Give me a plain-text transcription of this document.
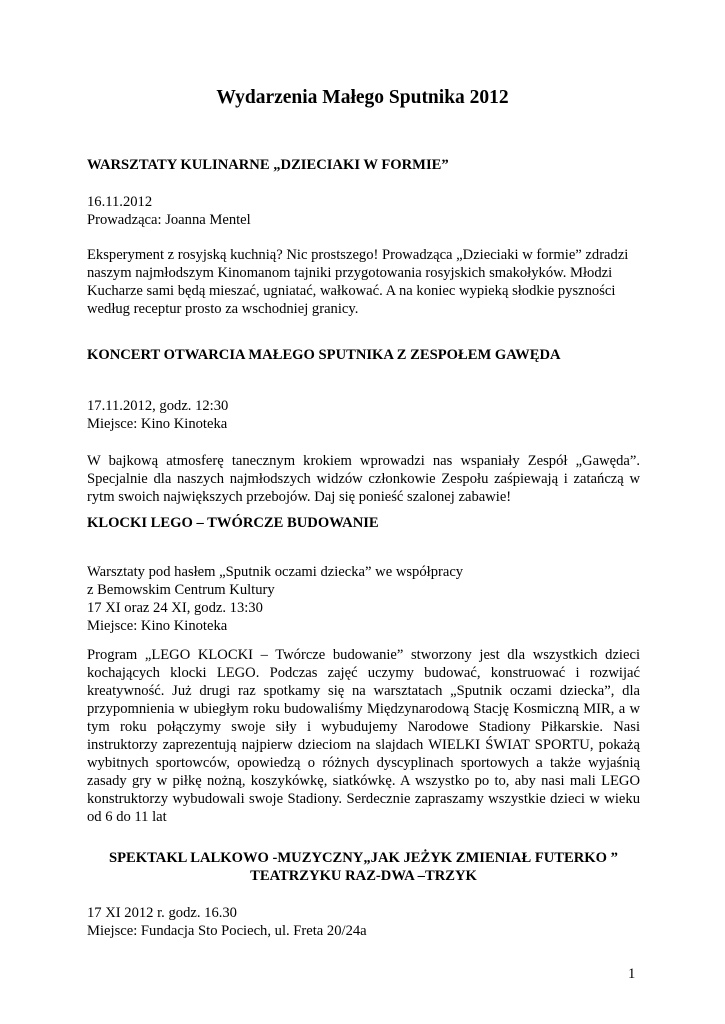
Wydarzenia Małego Sputnika 2012

WARSZTATY KULINARNE „DZIECIAKI W FORMIE”

16.11.2012

Prowadząca: Joanna Mentel

Eksperyment z rosyjską kuchnią? Nic prostszego! Prowadząca „Dzieciaki w formie” zdradzi

naszym najmłodszym Kinomanom tajniki przygotowania rosyjskich smakołyków. Młodzi

Kucharze sami będą mieszać, ugniatać, wałkować. A na koniec wypieką słodkie pyszności

według receptur prosto za wschodniej granicy.

KONCERT OTWARCIA MAŁEGO SPUTNIKA Z ZESPOŁEM GAWĘDA

17.11.2012, godz. 12:30

Miejsce: Kino Kinoteka

W bajkową atmosferę tanecznym krokiem wprowadzi nas wspaniały Zespół „Gawęda”.

Specjalnie dla naszych najmłodszych widzów członkowie Zespołu zaśpiewają i zatańczą w

rytm swoich największych przebojów. Daj się ponieść szalonej zabawie!

KLOCKI LEGO – TWÓRCZE BUDOWANIE

Warsztaty pod hasłem „Sputnik oczami dziecka” we współpracy

z Bemowskim Centrum Kultury

17 XI oraz 24 XI, godz. 13:30

Miejsce: Kino Kinoteka

Program „LEGO KLOCKI – Twórcze budowanie” stworzony jest dla wszystkich dzieci

kochających klocki LEGO. Podczas zajęć uczymy budować, konstruować i rozwijać

kreatywność. Już drugi raz spotkamy się na warsztatach „Sputnik oczami dziecka”, dla

przypomnienia w ubiegłym roku budowaliśmy Międzynarodową Stację Kosmiczną MIR, a w

tym roku połączymy swoje siły i wybudujemy Narodowe Stadiony Piłkarskie. Nasi

instruktorzy zaprezentują najpierw dzieciom na slajdach WIELKI ŚWIAT SPORTU, pokażą

wybitnych sportowców, opowiedzą o różnych dyscyplinach sportowych a także wyjaśnią

zasady gry w piłkę nożną, koszykówkę, siatkówkę. A wszystko po to, aby nasi mali LEGO

konstruktorzy wybudowali swoje Stadiony. Serdecznie zapraszamy wszystkie dzieci w wieku

od 6 do 11 lat

SPEKTAKL LALKOWO -MUZYCZNY„JAK JEŻYK ZMIENIAŁ FUTERKO ”

TEATRZYKU RAZ-DWA –TRZYK

17 XI 2012 r. godz. 16.30

Miejsce: Fundacja Sto Pociech, ul. Freta 20/24a

1
